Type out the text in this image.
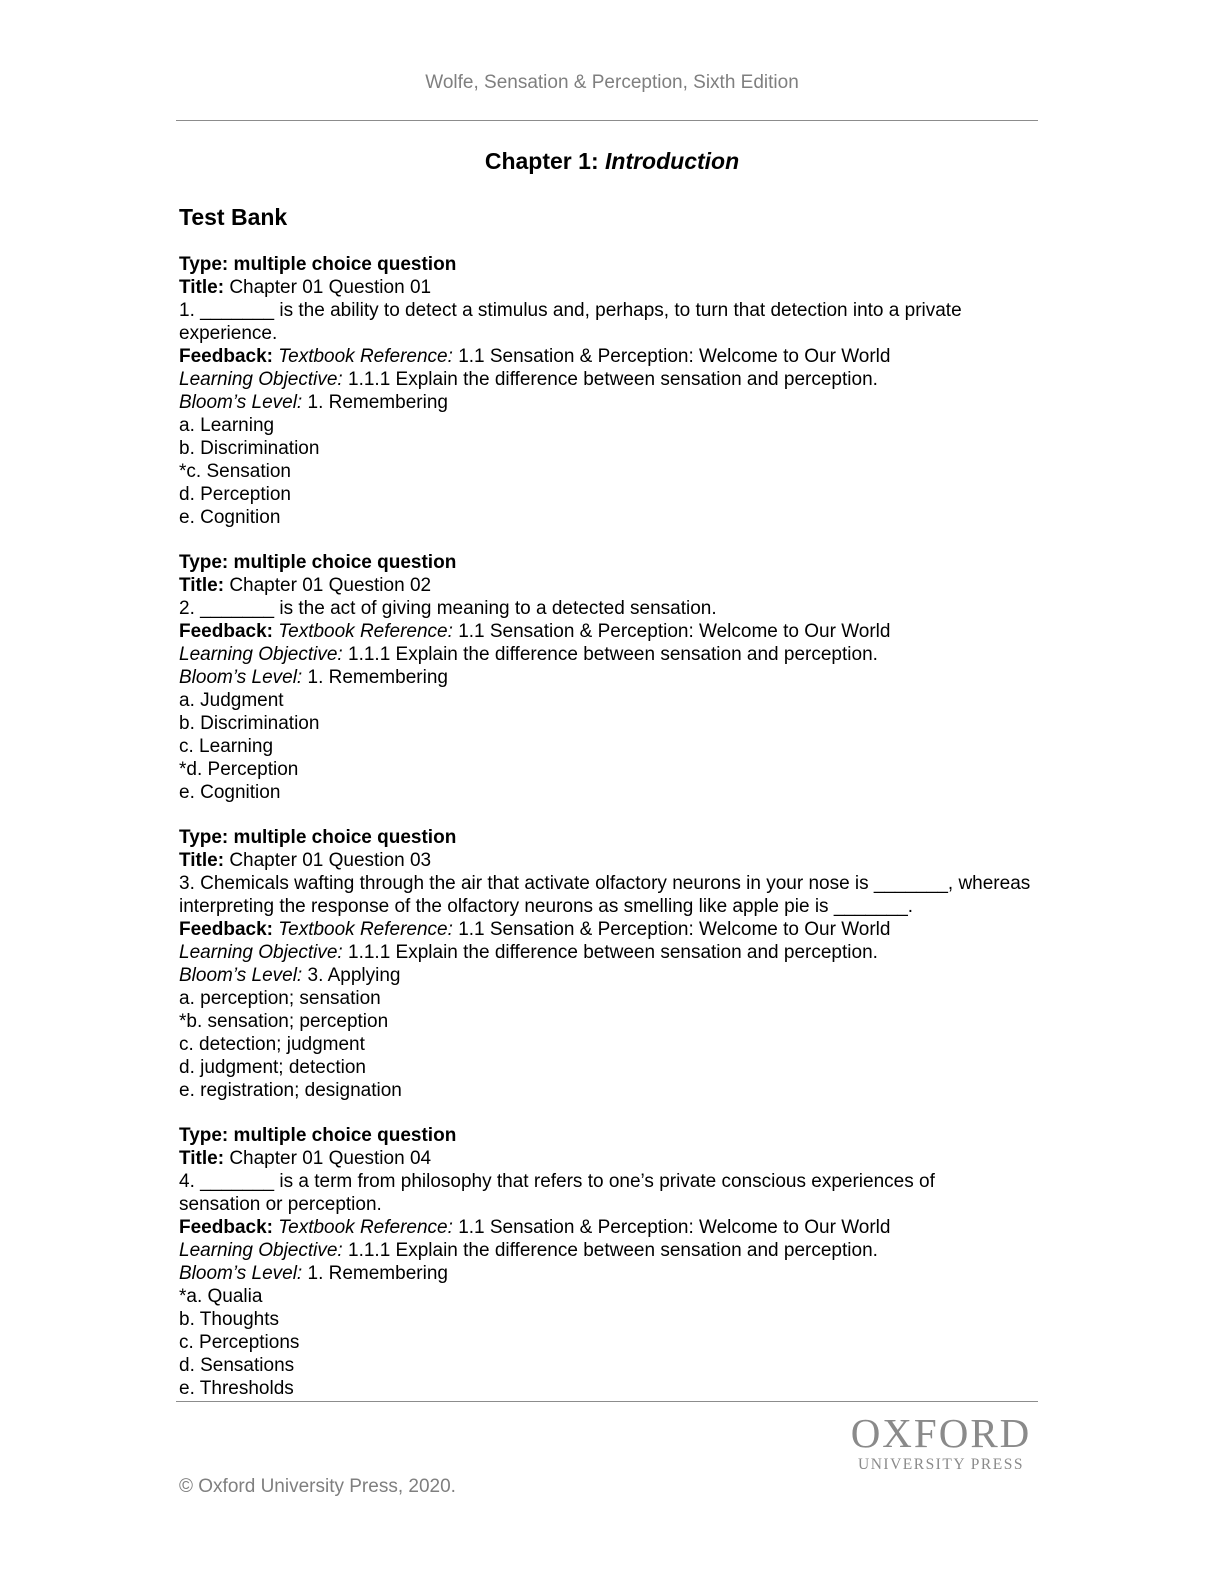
Wolfe, Sensation & Perception, Sixth Edition
Chapter 1: Introduction
Test Bank
Type: multiple choice question
Title: Chapter 01 Question 01
1. _______ is the ability to detect a stimulus and, perhaps, to turn that detection into a private experience.
Feedback: Textbook Reference: 1.1 Sensation & Perception: Welcome to Our World
Learning Objective: 1.1.1 Explain the difference between sensation and perception.
Bloom’s Level: 1. Remembering
a. Learning
b. Discrimination
*c. Sensation
d. Perception
e. Cognition
Type: multiple choice question
Title: Chapter 01 Question 02
2. _______ is the act of giving meaning to a detected sensation.
Feedback: Textbook Reference: 1.1 Sensation & Perception: Welcome to Our World
Learning Objective: 1.1.1 Explain the difference between sensation and perception.
Bloom’s Level: 1. Remembering
a. Judgment
b. Discrimination
c. Learning
*d. Perception
e. Cognition
Type: multiple choice question
Title: Chapter 01 Question 03
3. Chemicals wafting through the air that activate olfactory neurons in your nose is _______, whereas interpreting the response of the olfactory neurons as smelling like apple pie is _______.
Feedback: Textbook Reference: 1.1 Sensation & Perception: Welcome to Our World
Learning Objective: 1.1.1 Explain the difference between sensation and perception.
Bloom’s Level: 3. Applying
a. perception; sensation
*b. sensation; perception
c. detection; judgment
d. judgment; detection
e. registration; designation
Type: multiple choice question
Title: Chapter 01 Question 04
4. _______ is a term from philosophy that refers to one’s private conscious experiences of sensation or perception.
Feedback: Textbook Reference: 1.1 Sensation & Perception: Welcome to Our World
Learning Objective: 1.1.1 Explain the difference between sensation and perception.
Bloom’s Level: 1. Remembering
*a. Qualia
b. Thoughts
c. Perceptions
d. Sensations
e. Thresholds
OXFORD
UNIVERSITY PRESS
© Oxford University Press, 2020.
